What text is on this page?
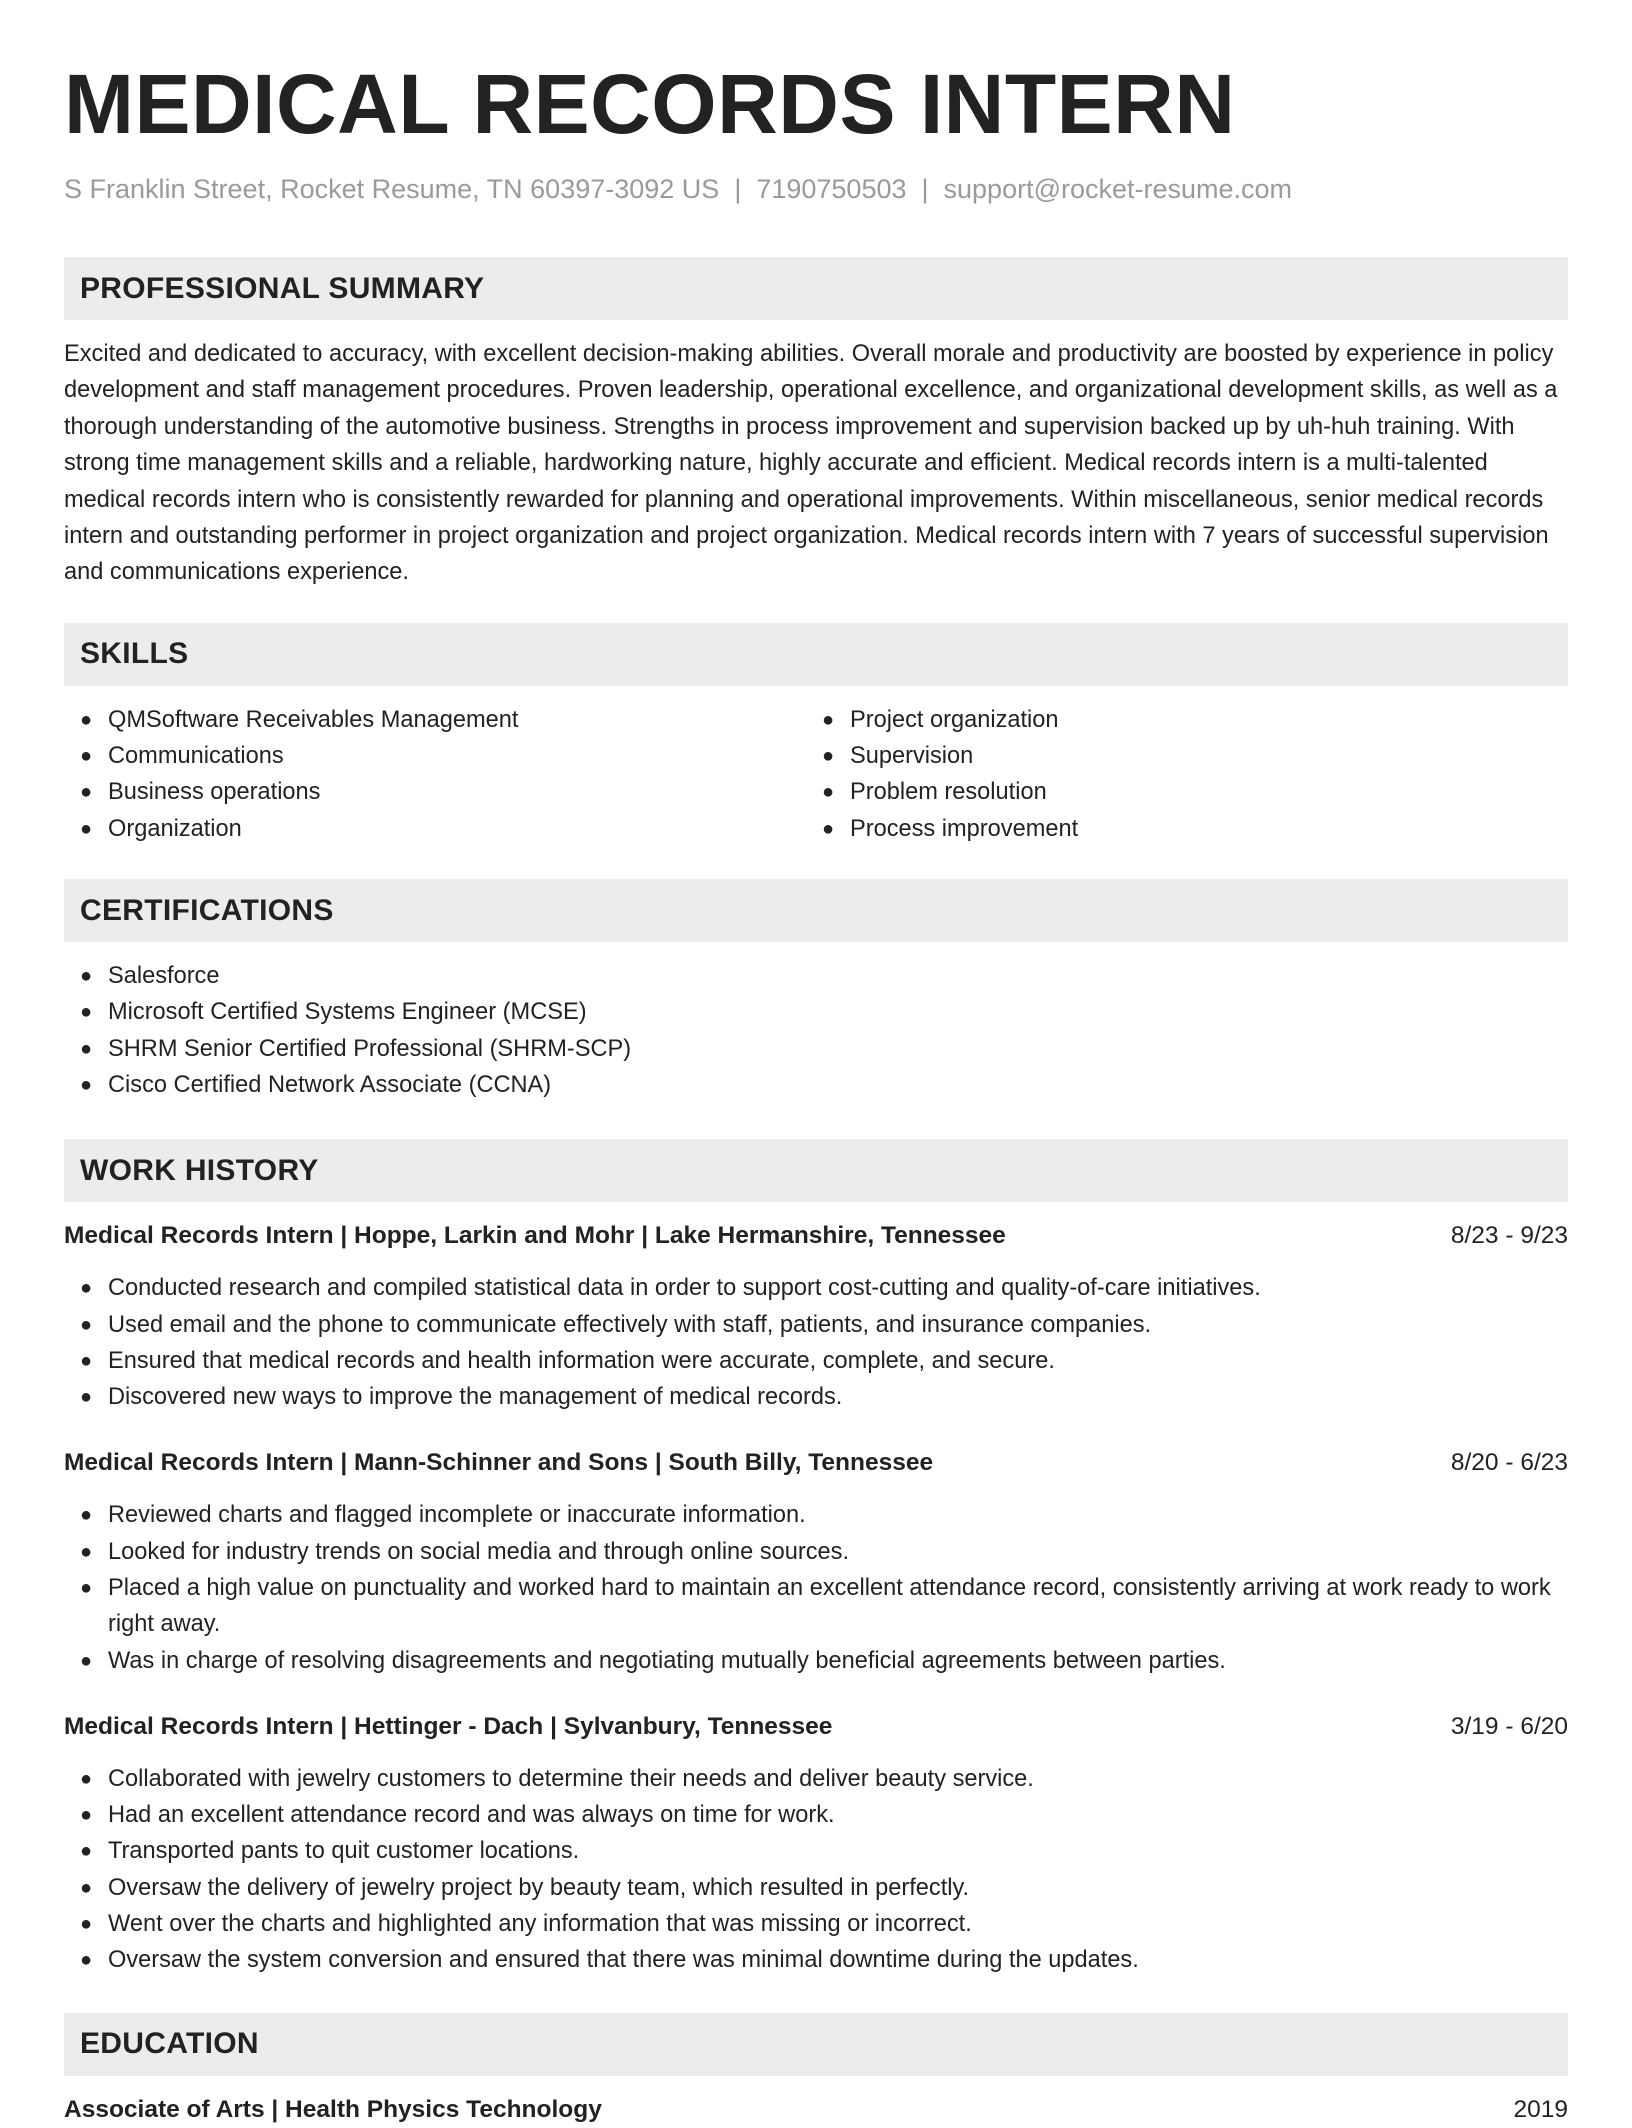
MEDICAL RECORDS INTERN
S Franklin Street, Rocket Resume, TN 60397-3092 US | 7190750503 | support@rocket-resume.com
PROFESSIONAL SUMMARY
Excited and dedicated to accuracy, with excellent decision-making abilities. Overall morale and productivity are boosted by experience in policy development and staff management procedures. Proven leadership, operational excellence, and organizational development skills, as well as a thorough understanding of the automotive business. Strengths in process improvement and supervision backed up by uh-huh training. With strong time management skills and a reliable, hardworking nature, highly accurate and efficient. Medical records intern is a multi-talented medical records intern who is consistently rewarded for planning and operational improvements. Within miscellaneous, senior medical records intern and outstanding performer in project organization and project organization. Medical records intern with 7 years of successful supervision and communications experience.
SKILLS
● QMSoftware Receivables Management
● Communications
● Business operations
● Organization
● Project organization
● Supervision
● Problem resolution
● Process improvement
CERTIFICATIONS
● Salesforce
● Microsoft Certified Systems Engineer (MCSE)
● SHRM Senior Certified Professional (SHRM-SCP)
● Cisco Certified Network Associate (CCNA)
WORK HISTORY
Medical Records Intern | Hoppe, Larkin and Mohr | Lake Hermanshire, Tennessee	8/23 - 9/23
● Conducted research and compiled statistical data in order to support cost-cutting and quality-of-care initiatives.
● Used email and the phone to communicate effectively with staff, patients, and insurance companies.
● Ensured that medical records and health information were accurate, complete, and secure.
● Discovered new ways to improve the management of medical records.
Medical Records Intern | Mann-Schinner and Sons | South Billy, Tennessee	8/20 - 6/23
● Reviewed charts and flagged incomplete or inaccurate information.
● Looked for industry trends on social media and through online sources.
● Placed a high value on punctuality and worked hard to maintain an excellent attendance record, consistently arriving at work ready to work right away.
● Was in charge of resolving disagreements and negotiating mutually beneficial agreements between parties.
Medical Records Intern | Hettinger - Dach | Sylvanbury, Tennessee	3/19 - 6/20
● Collaborated with jewelry customers to determine their needs and deliver beauty service.
● Had an excellent attendance record and was always on time for work.
● Transported pants to quit customer locations.
● Oversaw the delivery of jewelry project by beauty team, which resulted in perfectly.
● Went over the charts and highlighted any information that was missing or incorrect.
● Oversaw the system conversion and ensured that there was minimal downtime during the updates.
EDUCATION
Associate of Arts | Health Physics Technology	2019
